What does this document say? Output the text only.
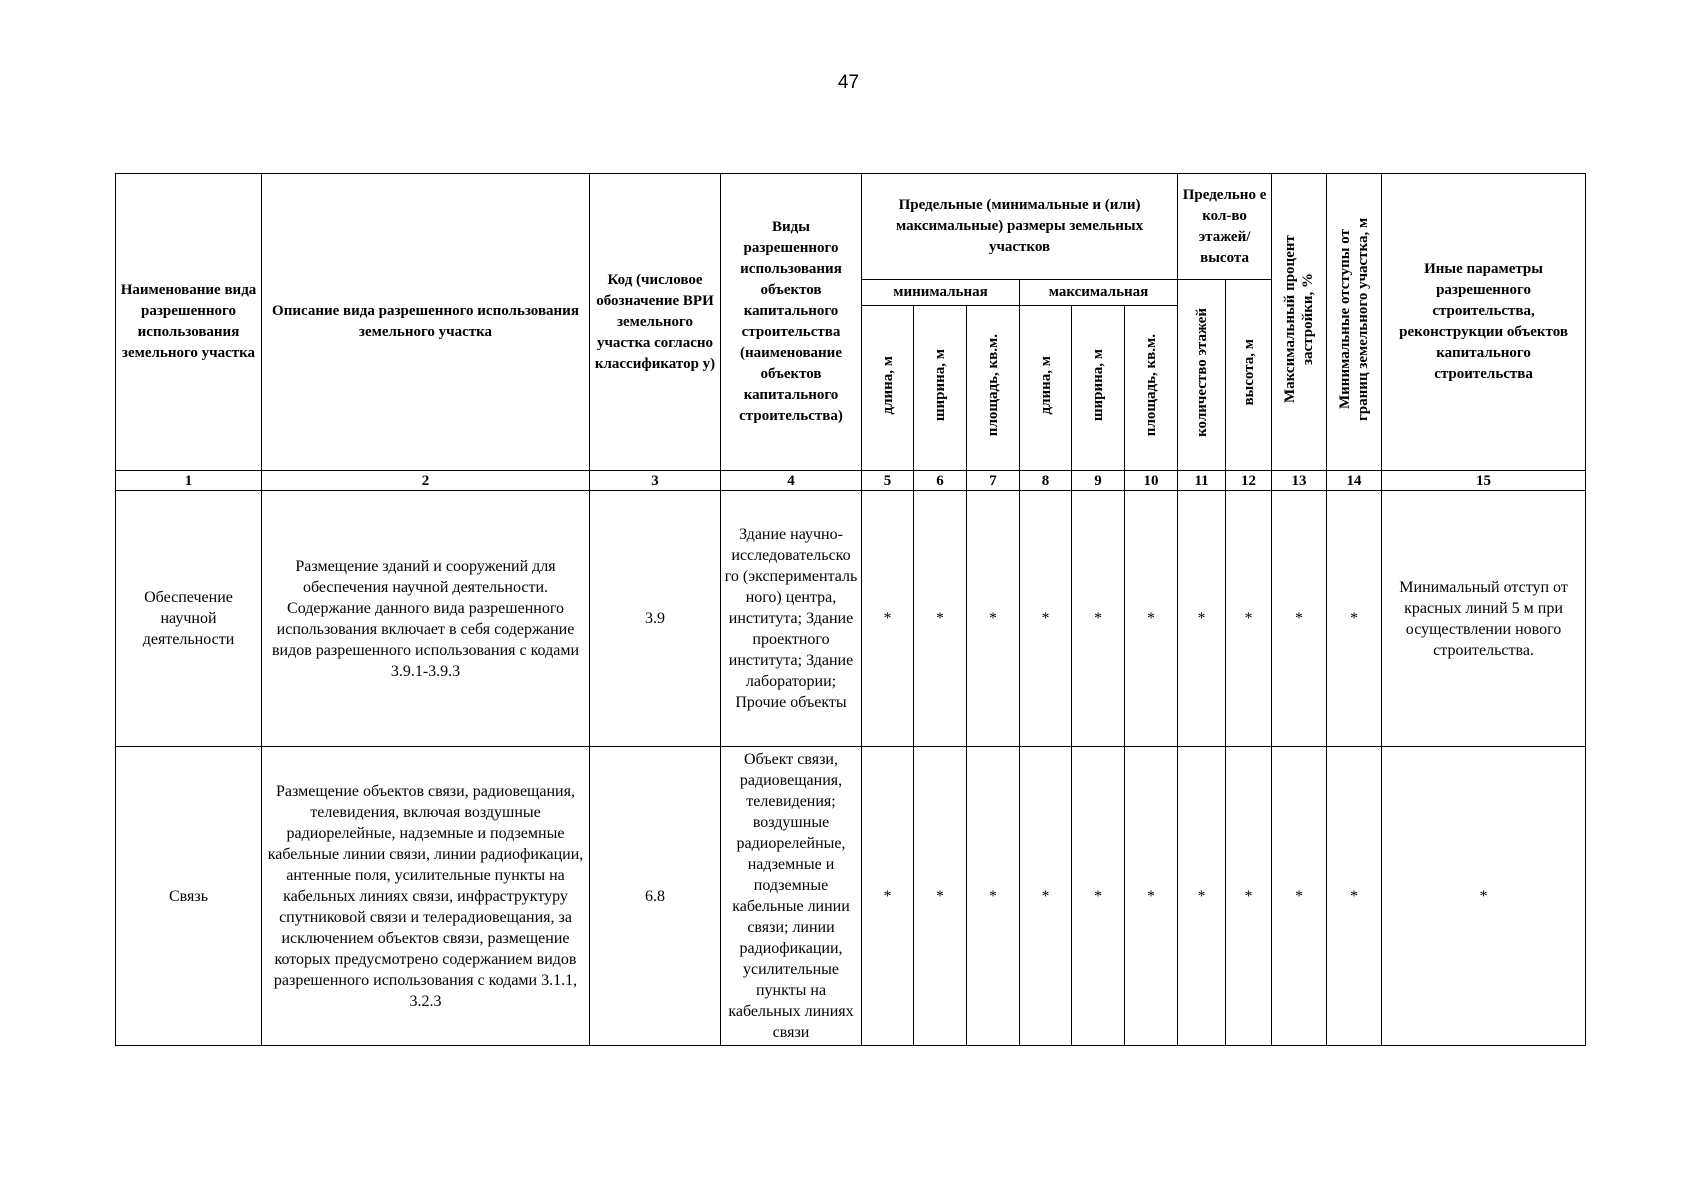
47
Наименование вида разрешенного использования земельного участка	Описание вида разрешенного использования земельного участка	Код (числовое обозначение ВРИ земельного участка согласно классификатор у)	Виды разрешенного использования объектов капитального строительства (наименование объектов капитального строительства)	Предельные (минимальные и (или) максимальные) размеры земельных участков						Предельно е кол-во этажей/ высота		Максимальный процент застройки, %	Минимальные отступы от границ земельного участка, м	Иные параметры разрешенного строительства, реконструкции объектов капитального строительства
				минимальная			максимальная			количество этажей	высота, м			
				длина, м	ширина, м	площадь, кв.м.	длина, м	ширина, м	площадь, кв.м.					
1	2	3	4	5	6	7	8	9	10	11	12	13	14	15
Обеспечение научной деятельности	Размещение зданий и сооружений для обеспечения научной деятельности. Содержание данного вида разрешенного использования включает в себя содержание видов разрешенного использования с кодами 3.9.1-3.9.3	3.9	Здание научно-исследовательско го (эксперименталь ного) центра, института; Здание проектного института; Здание лаборатории; Прочие объекты	*	*	*	*	*	*	*	*	*	*	Минимальный отступ от красных линий 5 м при осуществлении нового строительства.
Связь	Размещение объектов связи, радиовещания, телевидения, включая воздушные радиорелейные, надземные и подземные кабельные линии связи, линии радиофикации, антенные поля, усилительные пункты на кабельных линиях связи, инфраструктуру спутниковой связи и телерадиовещания, за исключением объектов связи, размещение которых предусмотрено содержанием видов разрешенного использования с кодами 3.1.1, 3.2.3	6.8	Объект связи, радиовещания, телевидения; воздушные радиорелейные, надземные и подземные кабельные линии связи; линии радиофикации, усилительные пункты на кабельных линиях связи	*	*	*	*	*	*	*	*	*	*	*
